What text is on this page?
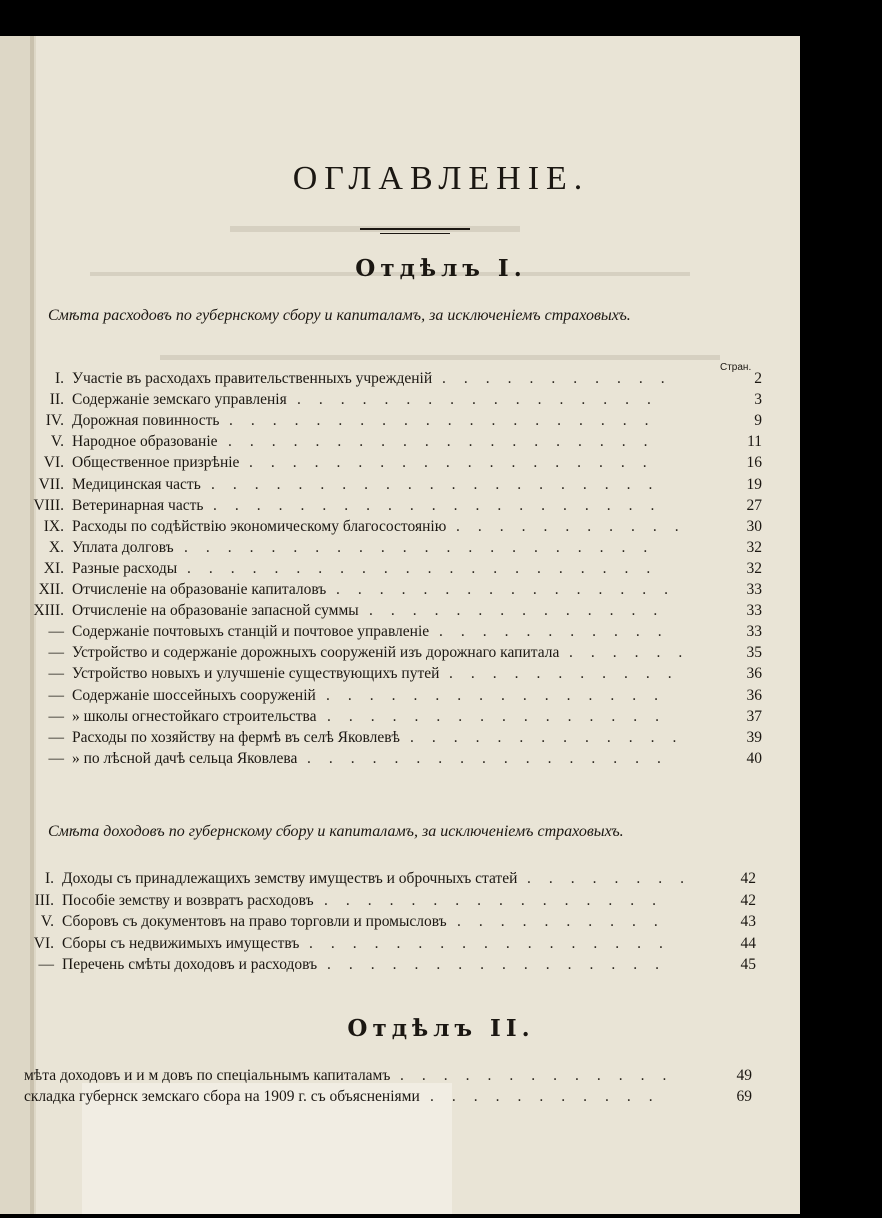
ОГЛАВЛЕНІЕ.
Отдѣлъ I.
Смѣта расходовъ по губернскому сбору и капиталамъ, за исключеніемъ страховыхъ.
Стран.
I. Участіе въ расходахъ правительственныхъ учрежденій	2
...........
II. Содержаніе земскаго управленія	3
.................
IV. Дорожная повинность	9
....................
V. Народное образованіе	11
....................
VI. Общественное призрѣніе	16
...................
VII. Медицинская часть	19
.....................
VIII. Ветеринарная часть	27
.....................
IX. Расходы по содѣйствію экономическому благосостоянію	30
...........
X. Уплата долговъ	32
......................
XI. Разные расходы	32
......................
XII. Отчисленіе на образованіе капиталовъ	33
................
XIII. Отчисленіе на образованіе запасной суммы	33
..............
— Содержаніе почтовыхъ станцій и почтовое управленіе	33
...........
— Устройство и содержаніе дорожныхъ сооруженій изъ дорожнаго капитала	35
......
— Устройство новыхъ и улучшеніе существующихъ путей	36
...........
— Содержаніе шоссейныхъ сооруженій	36
................
— » школы огнестойкаго строительства	37
................
— Расходы по хозяйству на фермѣ въ селѣ Яковлевѣ	39
.............
— » по лѣсной дачѣ сельца Яковлева	40
.................
Смѣта доходовъ по губернскому сбору и капиталамъ, за исключеніемъ страховыхъ.
I. Доходы съ принадлежащихъ земству имуществъ и оброчныхъ статей	42
........
III. Пособіе земству и возвратъ расходовъ	42
................
V. Сборовъ съ документовъ на право торговли и промысловъ	43
..........
VI. Сборы съ недвижимыхъ имуществъ	44
.................
— Перечень смѣты доходовъ и расходовъ	45
................
Отдѣлъ II.
мѣта доходовъ и и м довъ по спеціальнымъ капиталамъ	49
.............
складка губернск земскаго сбора на 1909 г. съ объясненіями	69
...........
